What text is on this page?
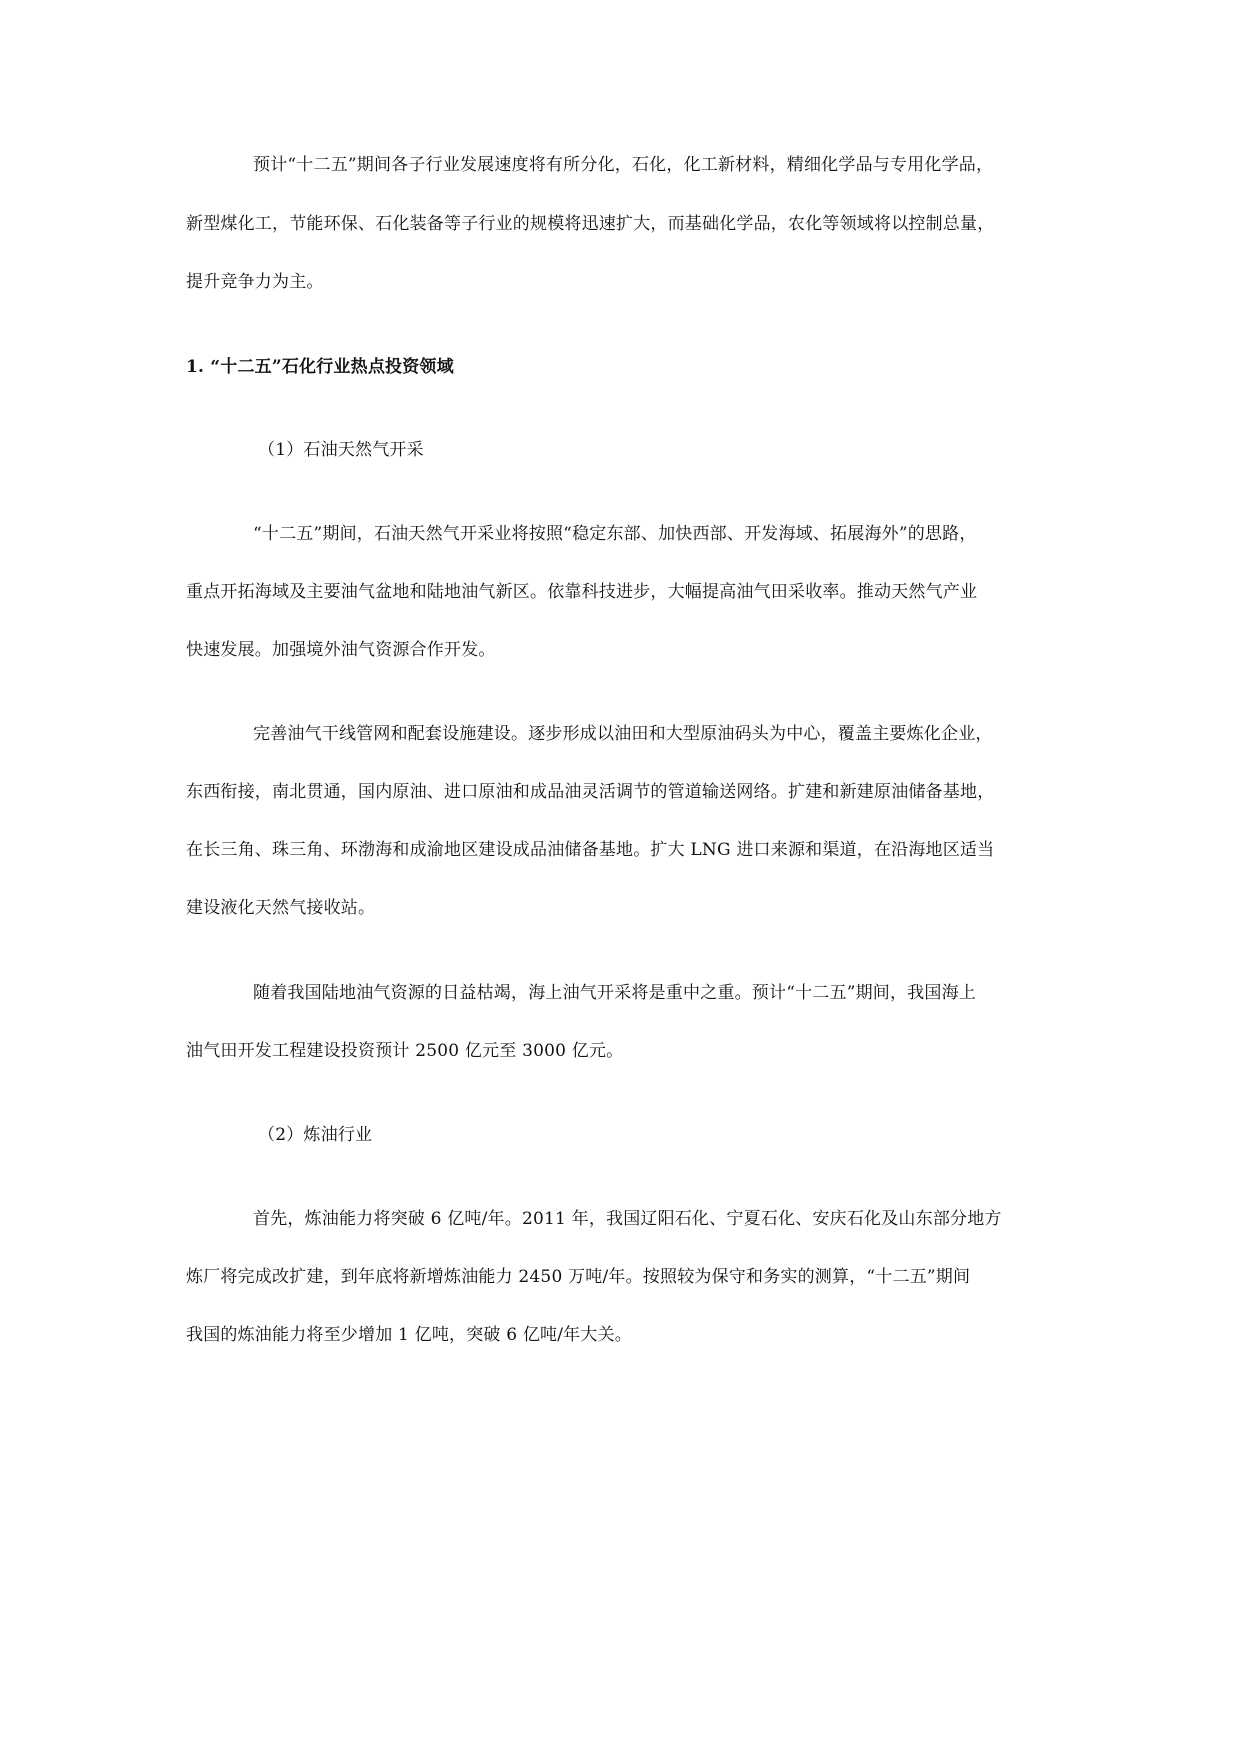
预计“十二五”期间各子行业发展速度将有所分化，石化，化工新材料，精细化学品与专用化学品，
新型煤化工，节能环保、石化装备等子行业的规模将迅速扩大，而基础化学品，农化等领域将以控制总量，
提升竞争力为主。
1. “十二五”石化行业热点投资领域
（1）石油天然气开采
“十二五”期间，石油天然气开采业将按照“稳定东部、加快西部、开发海域、拓展海外”的思路，
重点开拓海域及主要油气盆地和陆地油气新区。依靠科技进步，大幅提高油气田采收率。推动天然气产业
快速发展。加强境外油气资源合作开发。
完善油气干线管网和配套设施建设。逐步形成以油田和大型原油码头为中心，覆盖主要炼化企业，
东西衔接，南北贯通，国内原油、进口原油和成品油灵活调节的管道输送网络。扩建和新建原油储备基地，
在长三角、珠三角、环渤海和成渝地区建设成品油储备基地。扩大 LNG 进口来源和渠道，在沿海地区适当
建设液化天然气接收站。
随着我国陆地油气资源的日益枯竭，海上油气开采将是重中之重。预计“十二五”期间，我国海上
油气田开发工程建设投资预计 2500 亿元至 3000 亿元。
（2）炼油行业
首先，炼油能力将突破 6 亿吨/年。2011 年，我国辽阳石化、宁夏石化、安庆石化及山东部分地方
炼厂将完成改扩建，到年底将新增炼油能力 2450 万吨/年。按照较为保守和务实的测算，“十二五”期间
我国的炼油能力将至少增加 1 亿吨，突破 6 亿吨/年大关。
